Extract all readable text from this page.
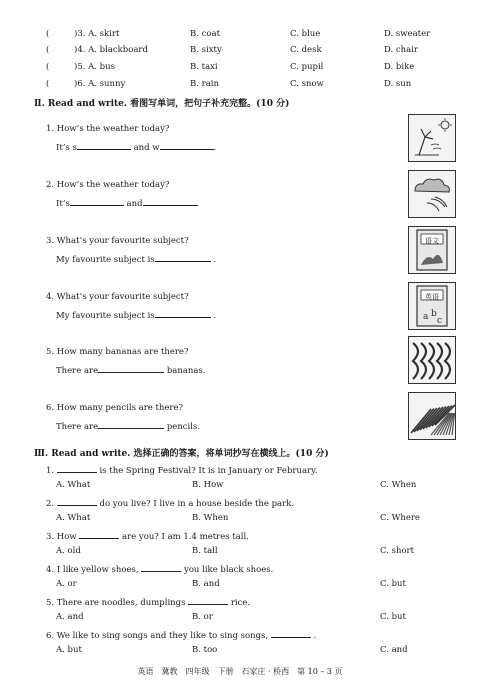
(	)3. A. skirt	B. coat	C. blue	D. sweater
(	)4. A. blackboard	B. sixty	C. desk	D. chair
(	)5. A. bus	B. taxi	C. pupil	D. bike
(	)6. A. sunny	B. rain	C. snow	D. sun
Ⅱ. Read and write. 看图写单词，把句子补充完整。(10 分)
1. How’s the weather today?
It’s s	and w	.
2. How’s the weather today?
It’s	and	.
3. What’s your favourite subject?
My favourite subject is	.
4. What’s your favourite subject?
My favourite subject is	.
5. How many bananas are there?
There are	bananas.
6. How many pencils are there?
There are	pencils.
语文
a b
c
英语
Ⅲ. Read and write. 选择正确的答案，将单词抄写在横线上。(10 分)
1.	is the Spring Festival? It is in January or February.
A. What	B. How	C. When
2.	do you live? I live in a house beside the park.
A. What	B. When	C. Where
3. How	are you? I am 1.4 metres tall.
A. old	B. tall	C. short
4. I like yellow shoes,	you like black shoes.
A. or	B. and	C. but
5. There are noodles, dumplings	rice.
A. and	B. or	C. but
6. We like to sing songs and they like to sing songs,	.
A. but	B. too	C. and
英语　冀教　四年级　下册　石家庄 · 桥西　第 10 – 3 页
